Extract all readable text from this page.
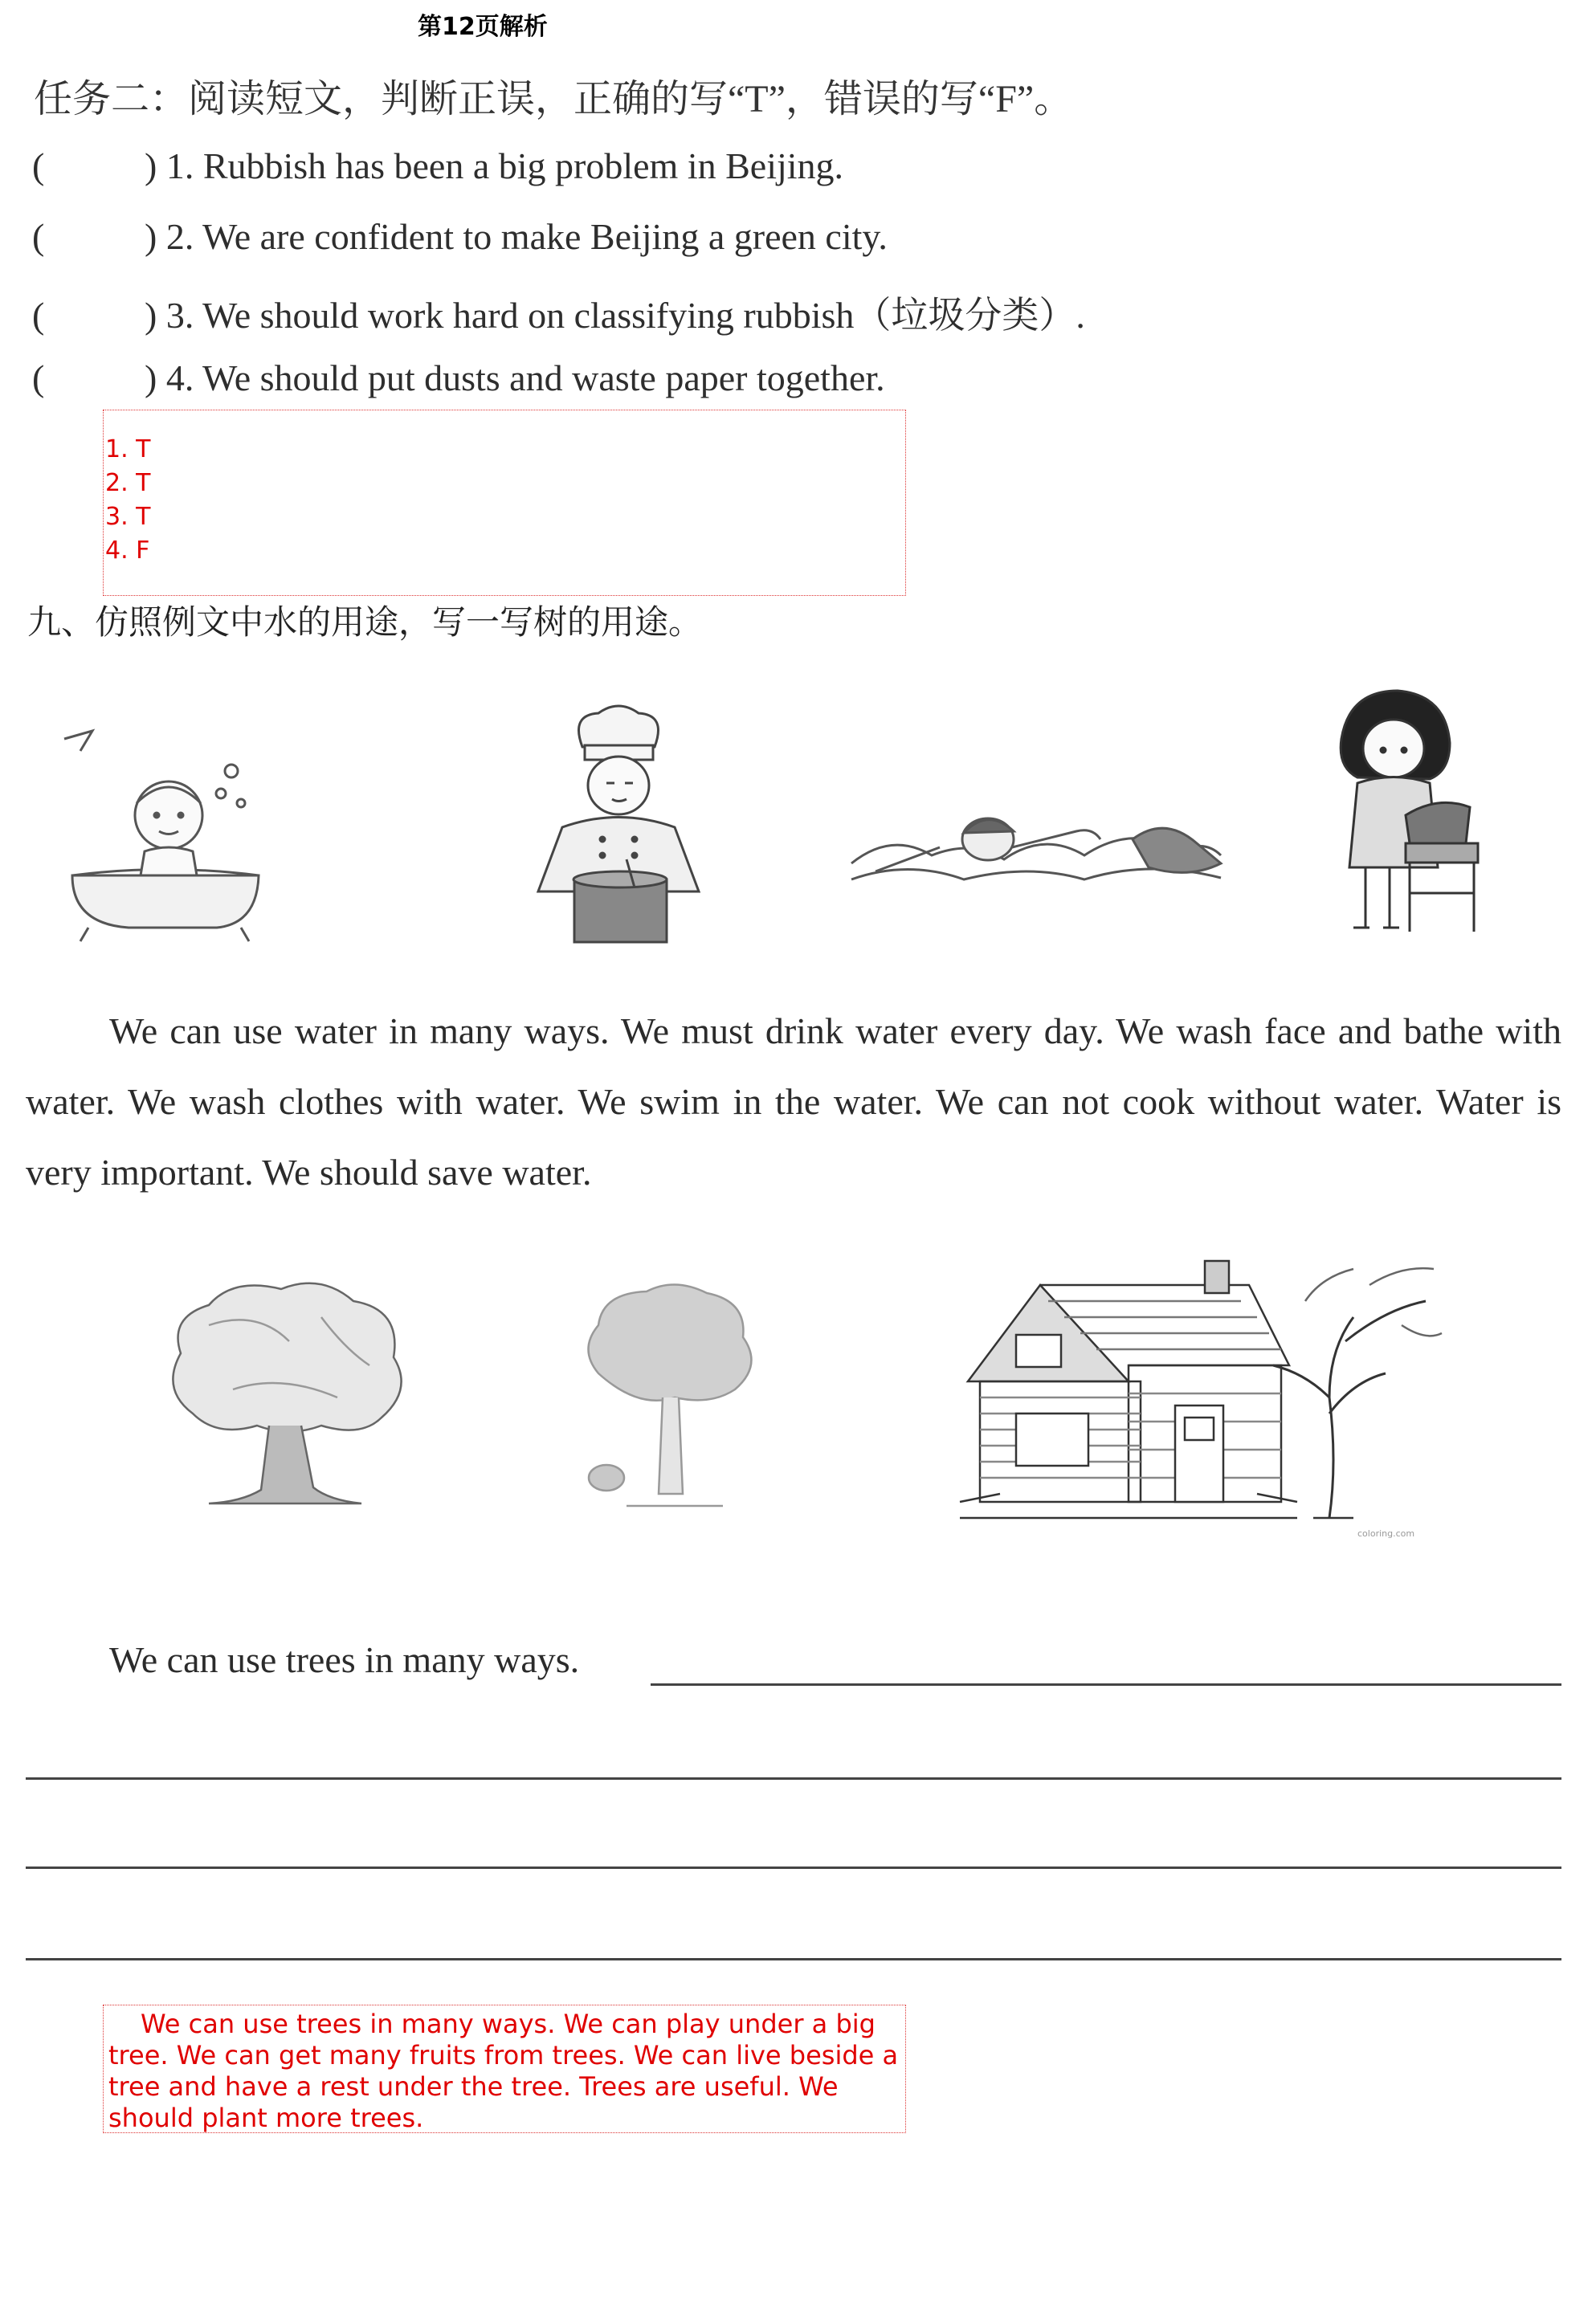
第12页解析
任务二：阅读短文，判断正误，正确的写“T”，错误的写“F”。
(	) 1. Rubbish has been a big problem in Beijing.
(	) 2. We are confident to make Beijing a green city.
(	) 3. We should work hard on classifying rubbish（垃圾分类）.
(	) 4. We should put dusts and waste paper together.
1. T
2. T
3. T
4. F
九、仿照例文中水的用途，写一写树的用途。
We can use water in many ways. We must drink water every day. We wash face and bathe with water. We wash clothes with water. We swim in the water. We can not cook without water. Water is very important. We should save water.
coloring.com
We can use trees in many ways.

We can use trees in many ways. We can play under a big tree. We can get many fruits from trees. We can live beside a tree and have a rest under the tree. Trees are useful. We should plant more trees.
